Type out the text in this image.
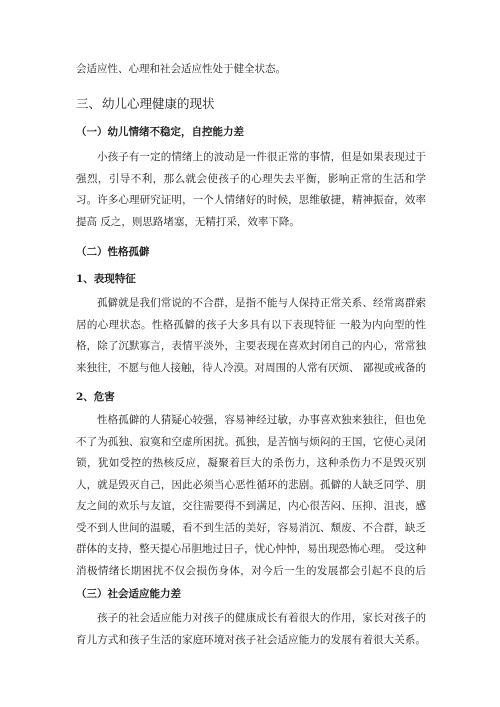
会适应性、心理和社会适应性处于健全状态。

三、幼儿心理健康的现状

（一）幼儿情绪不稳定，自控能力差

小孩子有一定的情绪上的波动是一件很正常的事情，但是如果表现过于强烈，引导不利，那么就会使孩子的心理失去平衡，影响正常的生活和学习。许多心理研究证明，一个人情绪好的时候，思维敏捷，精神振奋，效率提高 反之，则思路堵塞，无精打采，效率下降。

（二）性格孤僻

1、表现特征

孤僻就是我们常说的不合群，是指不能与人保持正常关系、经常离群索居的心理状态。性格孤僻的孩子大多具有以下表现特征 一般为内向型的性格，除了沉默寡言，表情平淡外，主要表现在喜欢封闭自己的内心，常常独来独往，不愿与他人接触，待人冷漠。对周围的人常有厌烦、 鄙视或戒备的

2、危害

性格孤僻的人猜疑心较强，容易神经过敏，办事喜欢独来独往，但也免不了为孤独、寂寞和空虚所困扰。孤独，是苦恼与烦闷的王国，它使心灵闭锁，犹如受控的热核反应，凝聚着巨大的杀伤力，这种杀伤力不是毁灭别人，就是毁灭自己，因此必须当心恶性循环的悲剧。孤僻的人缺乏同学、朋友之间的欢乐与友谊，交往需要得不到满足，内心很苦闷、压抑、沮丧，感受不到人世间的温暖，看不到生活的美好，容易消沉、颓废、不合群，缺乏群体的支持，整天提心吊胆地过日子，忧心忡忡，易出现恐怖心理。 受这种消极情绪长期困扰不仅会损伤身体，对今后一生的发展都会引起不良的后

（三）社会适应能力差

孩子的社会适应能力对孩子的健康成长有着很大的作用，家长对孩子的育儿方式和孩子生活的家庭环境对孩子社会适应能力的发展有着很大关系。
